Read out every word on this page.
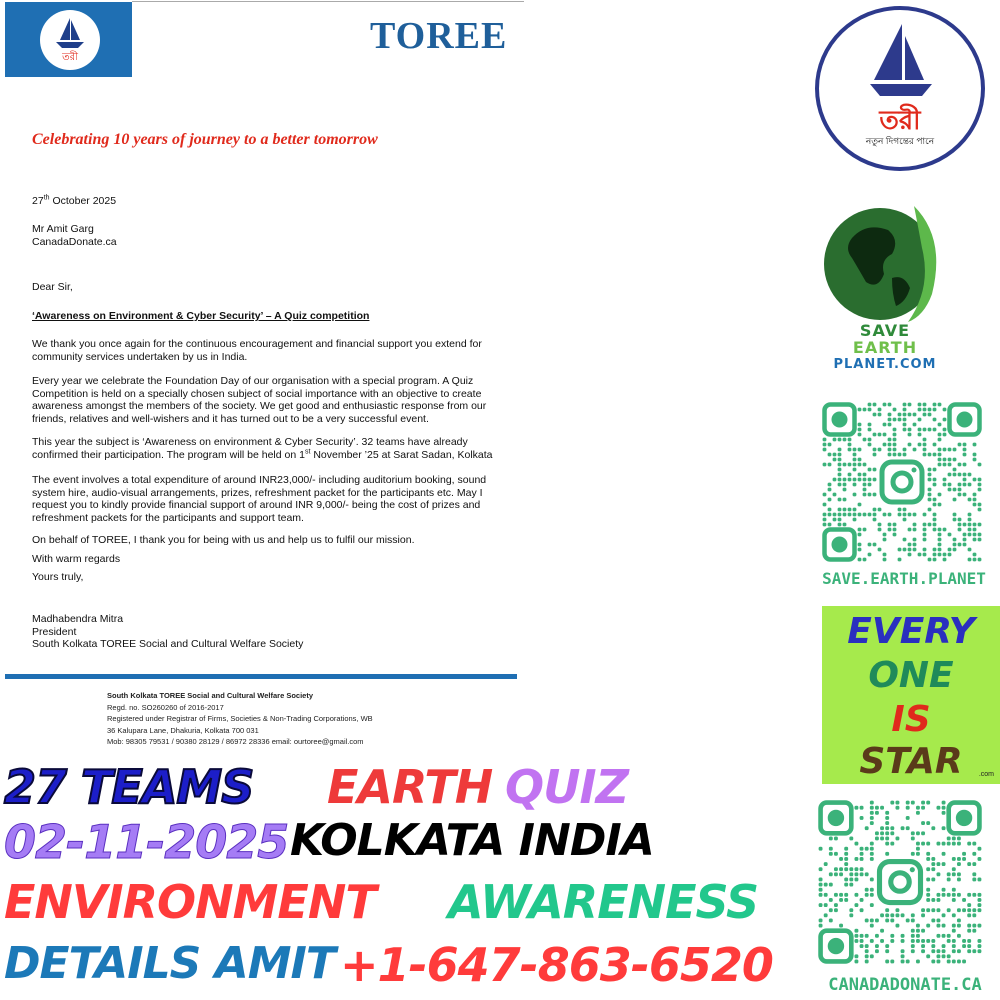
তরী
TOREE
Celebrating 10 years of journey to a better tomorrow
27th October 2025
Mr Amit Garg
CanadaDonate.ca
Dear Sir,
‘Awareness on Environment & Cyber Security’ – A Quiz competition
We thank you once again for the continuous encouragement and financial support you extend for community services undertaken by us in India.
Every year we celebrate the Foundation Day of our organisation with a special program. A Quiz Competition is held on a specially chosen subject of social importance with an objective to create awareness amongst the members of the society. We get good and enthusiastic response from our friends, relatives and well-wishers and it has turned out to be a very successful event.
This year the subject is ‘Awareness on environment & Cyber Security’. 32 teams have already confirmed their participation. The program will be held on 1st November ’25 at Sarat Sadan, Kolkata
The event involves a total expenditure of around INR23,000/- including auditorium booking, sound system hire, audio-visual arrangements, prizes, refreshment packet for the participants etc. May I request you to kindly provide financial support of around INR 9,000/- being the cost of prizes and refreshment packets for the participants and support team.
On behalf of TOREE, I thank you for being with us and help us to fulfil our mission.
With warm regards
Yours truly,
Madhabendra Mitra
President
South Kolkata TOREE Social and Cultural Welfare Society
South Kolkata TOREE Social and Cultural Welfare Society
Regd. no. SO260260 of 2016-2017
Registered under Registrar of Firms, Societies & Non-Trading Corporations, WB
36 Kalupara Lane, Dhakuria, Kolkata 700 031
Mob: 98305 79531 / 90380 28129 / 86972 28336 email: ourtoree@gmail.com
27 TEAMS EARTH QUIZ
02-11-2025 KOLKATA INDIA
ENVIRONMENT AWARENESS
DETAILS AMIT +1-647-863-6520
তরী
নতুন দিগন্তের পানে
SAVE
EARTH
PLANET.COM
SAVE.EARTH.PLANET
EVERY
ONE
IS
STAR	.com
CANADADONATE.CA
